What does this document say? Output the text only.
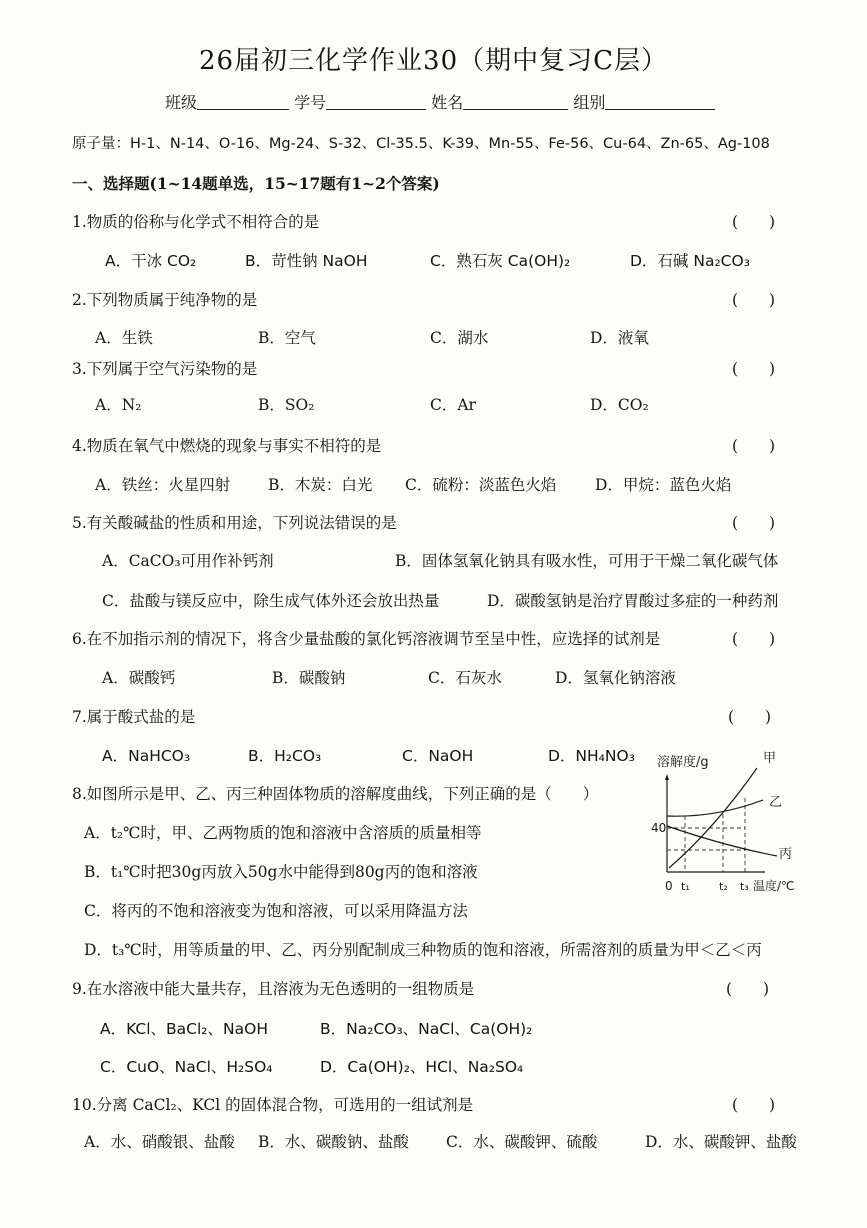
26届初三化学作业30（期中复习C层）
班级	学号	姓名	组别
原子量：H-1、N-14、O-16、Mg-24、S-32、Cl-35.5、K-39、Mn-55、Fe-56、Cu-64、Zn-65、Ag-108
一、选择题(1~14题单选，15~17题有1~2个答案)
1.物质的俗称与化学式不相符合的是	(　　)
A．干冰 CO₂	B．苛性钠 NaOH	C．熟石灰 Ca(OH)₂	D．石碱 Na₂CO₃
2.下列物质属于纯净物的是	(　　)
A．生铁	B．空气	C．湖水	D．液氧
3.下列属于空气污染物的是	(　　)
A．N₂	B．SO₂	C．Ar	D．CO₂
4.物质在氧气中燃烧的现象与事实不相符的是	(　　)
A．铁丝：火星四射 B．木炭：白光 C．硫粉：淡蓝色火焰 D．甲烷：蓝色火焰
5.有关酸碱盐的性质和用途，下列说法错误的是	(　　)
A．CaCO₃可用作补钙剂	B．固体氢氧化钠具有吸水性，可用于干燥二氧化碳气体
C．盐酸与镁反应中，除生成气体外还会放出热量	D．碳酸氢钠是治疗胃酸过多症的一种药剂
6.在不加指示剂的情况下，将含少量盐酸的氯化钙溶液调节至呈中性，应选择的试剂是	(　　)
A．碳酸钙	B．碳酸钠	C．石灰水	D．氢氧化钠溶液
7.属于酸式盐的是	(　　)
A．NaHCO₃	B．H₂CO₃	C．NaOH	D．NH₄NO₃
8.如图所示是甲、乙、丙三种固体物质的溶解度曲线，下列正确的是（　　）
A．t₂℃时，甲、乙两物质的饱和溶液中含溶质的质量相等
B．t₁℃时把30g丙放入50g水中能得到80g丙的饱和溶液
C．将丙的不饱和溶液变为饱和溶液，可以采用降温方法
D．t₃℃时，用等质量的甲、乙、丙分别配制成三种物质的饱和溶液，所需溶剂的质量为甲＜乙＜丙
溶解度/g
40
甲
乙
丙
0 t₁	t₂ t₃ 温度/℃
9.在水溶液中能大量共存，且溶液为无色透明的一组物质是	(　　)
A．KCl、BaCl₂、NaOH	B．Na₂CO₃、NaCl、Ca(OH)₂
C．CuO、NaCl、H₂SO₄	D．Ca(OH)₂、HCl、Na₂SO₄
10.分离 CaCl₂、KCl 的固体混合物，可选用的一组试剂是	(　　)
A．水、硝酸银、盐酸 B．水、碳酸钠、盐酸 C．水、碳酸钾、硫酸	D．水、碳酸钾、盐酸
